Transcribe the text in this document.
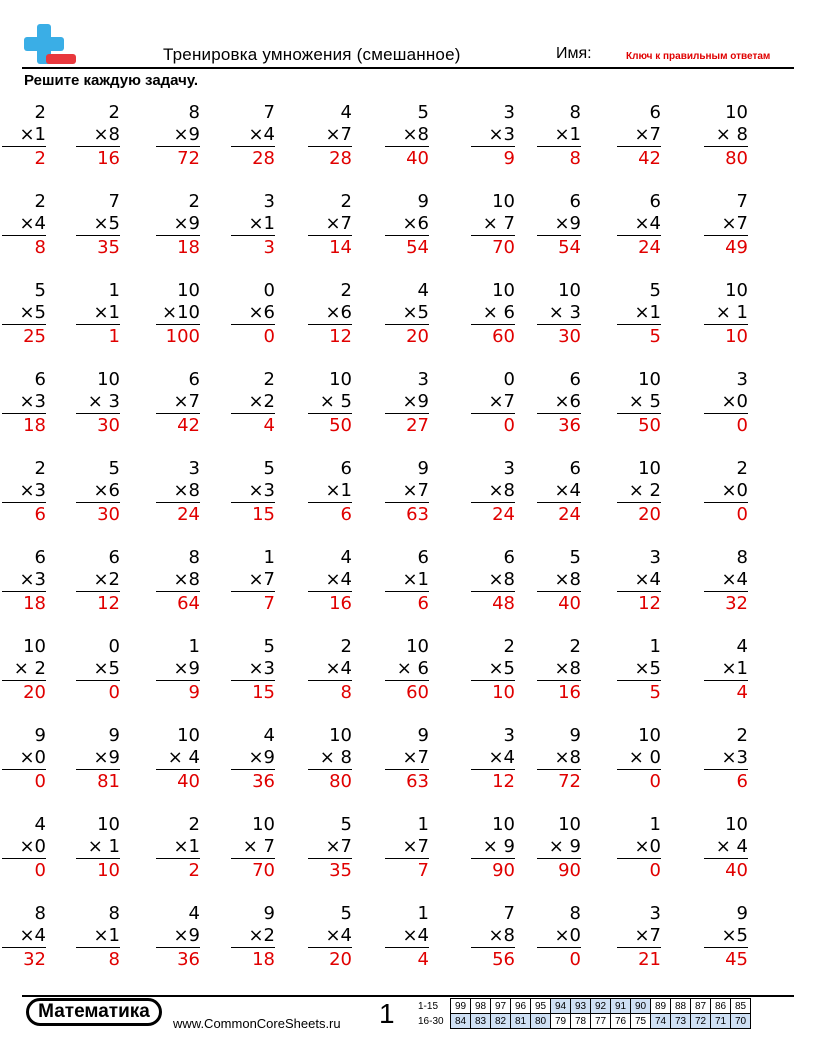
Тренировка умножения (смешанное)	Имя:	Ключ к правильным ответам
Решите каждую задачу.
2
×1
2
2
×8
16
8
×9
72
7
×4
28
4
×7
28
5
×8
40
3
×3
9
8
×1
8
6
×7
42
10
× 8
80
2
×4
8
7
×5
35
2
×9
18
3
×1
3
2
×7
14
9
×6
54
10
× 7
70
6
×9
54
6
×4
24
7
×7
49
5
×5
25
1
×1
1
10
×10
100
0
×6
0
2
×6
12
4
×5
20
10
× 6
60
10
× 3
30
5
×1
5
10
× 1
10
6
×3
18
10
× 3
30
6
×7
42
2
×2
4
10
× 5
50
3
×9
27
0
×7
0
6
×6
36
10
× 5
50
3
×0
0
2
×3
6
5
×6
30
3
×8
24
5
×3
15
6
×1
6
9
×7
63
3
×8
24
6
×4
24
10
× 2
20
2
×0
0
6
×3
18
6
×2
12
8
×8
64
1
×7
7
4
×4
16
6
×1
6
6
×8
48
5
×8
40
3
×4
12
8
×4
32
10
× 2
20
0
×5
0
1
×9
9
5
×3
15
2
×4
8
10
× 6
60
2
×5
10
2
×8
16
1
×5
5
4
×1
4
9
×0
0
9
×9
81
10
× 4
40
4
×9
36
10
× 8
80
9
×7
63
3
×4
12
9
×8
72
10
× 0
0
2
×3
6
4
×0
0
10
× 1
10
2
×1
2
10
× 7
70
5
×7
35
1
×7
7
10
× 9
90
10
× 9
90
1
×0
0
10
× 4
40
8
×4
32
8
×1
8
4
×9
36
9
×2
18
5
×4
20
1
×4
4
7
×8
56
8
×0
0
3
×7
21
9
×5
45
Математика
www.CommonCoreSheets.ru 1 1-15	99	98	97	96	95	94	93	92	91	90	89	88	87	86	85
16-30	84	83	82	81	80	79	78	77	76	75	74	73	72	71	70
